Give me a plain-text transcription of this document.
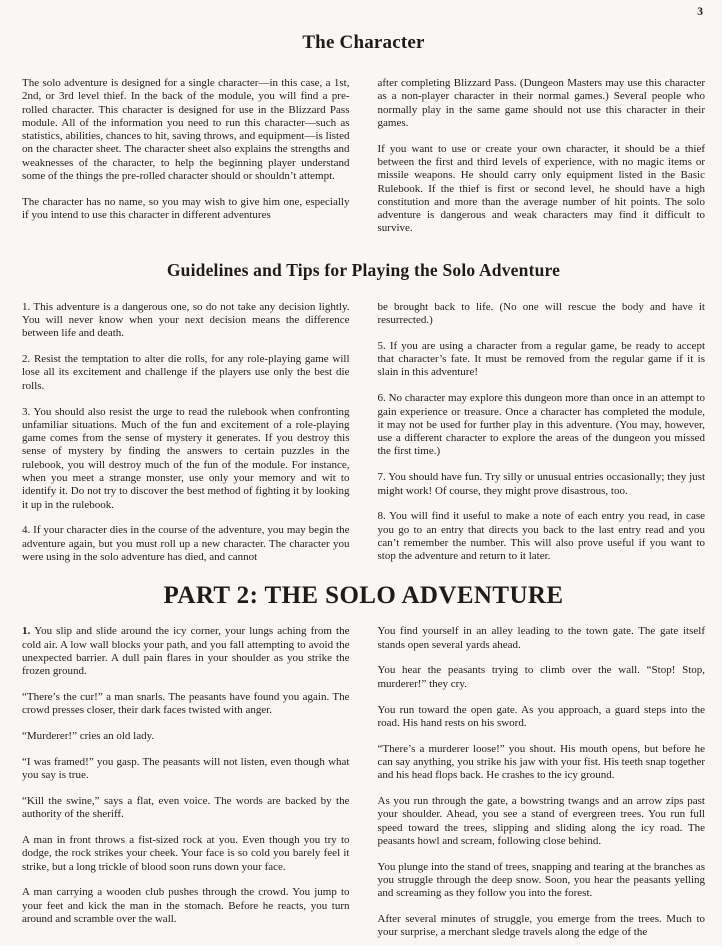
3
The Character

The solo adventure is designed for a single character—in this case, a 1st, 2nd, or 3rd level thief. In the back of the module, you will find a pre-rolled character. This character is designed for use in the Blizzard Pass module. All of the information you need to run this character—such as statistics, abilities, chances to hit, saving throws, and equipment—is listed on the character sheet. The character sheet also explains the strengths and weaknesses of the character, to help the beginning player understand some of the things the pre-rolled character should or shouldn’t attempt.

The character has no name, so you may wish to give him one, especially if you intend to use this character in different adventures

after completing Blizzard Pass. (Dungeon Masters may use this character as a non-player character in their normal games.) Several people who normally play in the same game should not use this character in their games.

If you want to use or create your own character, it should be a thief between the first and third levels of experience, with no magic items or missile weapons. He should carry only equipment listed in the Basic Rulebook. If the thief is first or second level, he should have a high constitution and more than the average number of hit points. The solo adventure is dangerous and weak characters may find it difficult to survive.

Guidelines and Tips for Playing the Solo Adventure

1. This adventure is a dangerous one, so do not take any decision lightly. You will never know when your next decision means the difference between life and death.

2. Resist the temptation to alter die rolls, for any role-playing game will lose all its excitement and challenge if the players use only the best die rolls.

3. You should also resist the urge to read the rulebook when confronting unfamiliar situations. Much of the fun and excitement of a role-playing game comes from the sense of mystery it generates. If you destroy this sense of mystery by finding the answers to certain puzzles in the rulebook, you will destroy much of the fun of the module. For instance, when you meet a strange monster, use only your memory and wit to identify it. Do not try to discover the best method of fighting it by looking it up in the rulebook.

4. If your character dies in the course of the adventure, you may begin the adventure again, but you must roll up a new character. The character you were using in the solo adventure has died, and cannot

be brought back to life. (No one will rescue the body and have it resurrected.)

5. If you are using a character from a regular game, be ready to accept that character’s fate. It must be removed from the regular game if it is slain in this adventure!

6. No character may explore this dungeon more than once in an attempt to gain experience or treasure. Once a character has completed the module, it may not be used for further play in this adventure. (You may, however, use a different character to explore the areas of the dungeon you missed the first time.)

7. You should have fun. Try silly or unusual entries occasionally; they just might work! Of course, they might prove disastrous, too.

8. You will find it useful to make a note of each entry you read, in case you go to an entry that directs you back to the last entry read and you can’t remember the number. This will also prove useful if you want to stop the adventure and return to it later.

PART 2: THE SOLO ADVENTURE

1. You slip and slide around the icy corner, your lungs aching from the cold air. A low wall blocks your path, and you fall attempting to avoid the unexpected barrier. A dull pain flares in your shoulder as you strike the frozen ground.

“There’s the cur!” a man snarls. The peasants have found you again. The crowd presses closer, their dark faces twisted with anger.

“Murderer!” cries an old lady.

“I was framed!” you gasp. The peasants will not listen, even though what you say is true.

“Kill the swine,” says a flat, even voice. The words are backed by the authority of the sheriff.

A man in front throws a fist-sized rock at you. Even though you try to dodge, the rock strikes your cheek. Your face is so cold you barely feel it strike, but a long trickle of blood soon runs down your face.

A man carrying a wooden club pushes through the crowd. You jump to your feet and kick the man in the stomach. Before he reacts, you turn around and scramble over the wall.

You find yourself in an alley leading to the town gate. The gate itself stands open several yards ahead.

You hear the peasants trying to climb over the wall. “Stop! Stop, murderer!” they cry.

You run toward the open gate. As you approach, a guard steps into the road. His hand rests on his sword.

“There’s a murderer loose!” you shout. His mouth opens, but before he can say anything, you strike his jaw with your fist. His teeth snap together and his head flops back. He crashes to the icy ground.

As you run through the gate, a bowstring twangs and an arrow zips past your shoulder. Ahead, you see a stand of evergreen trees. You run full speed toward the trees, slipping and sliding along the icy road. The peasants howl and scream, following close behind.

You plunge into the stand of trees, snapping and tearing at the branches as you struggle through the deep snow. Soon, you hear the peasants yelling and screaming as they follow you into the forest.

After several minutes of struggle, you emerge from the trees. Much to your surprise, a merchant sledge travels along the edge of the
